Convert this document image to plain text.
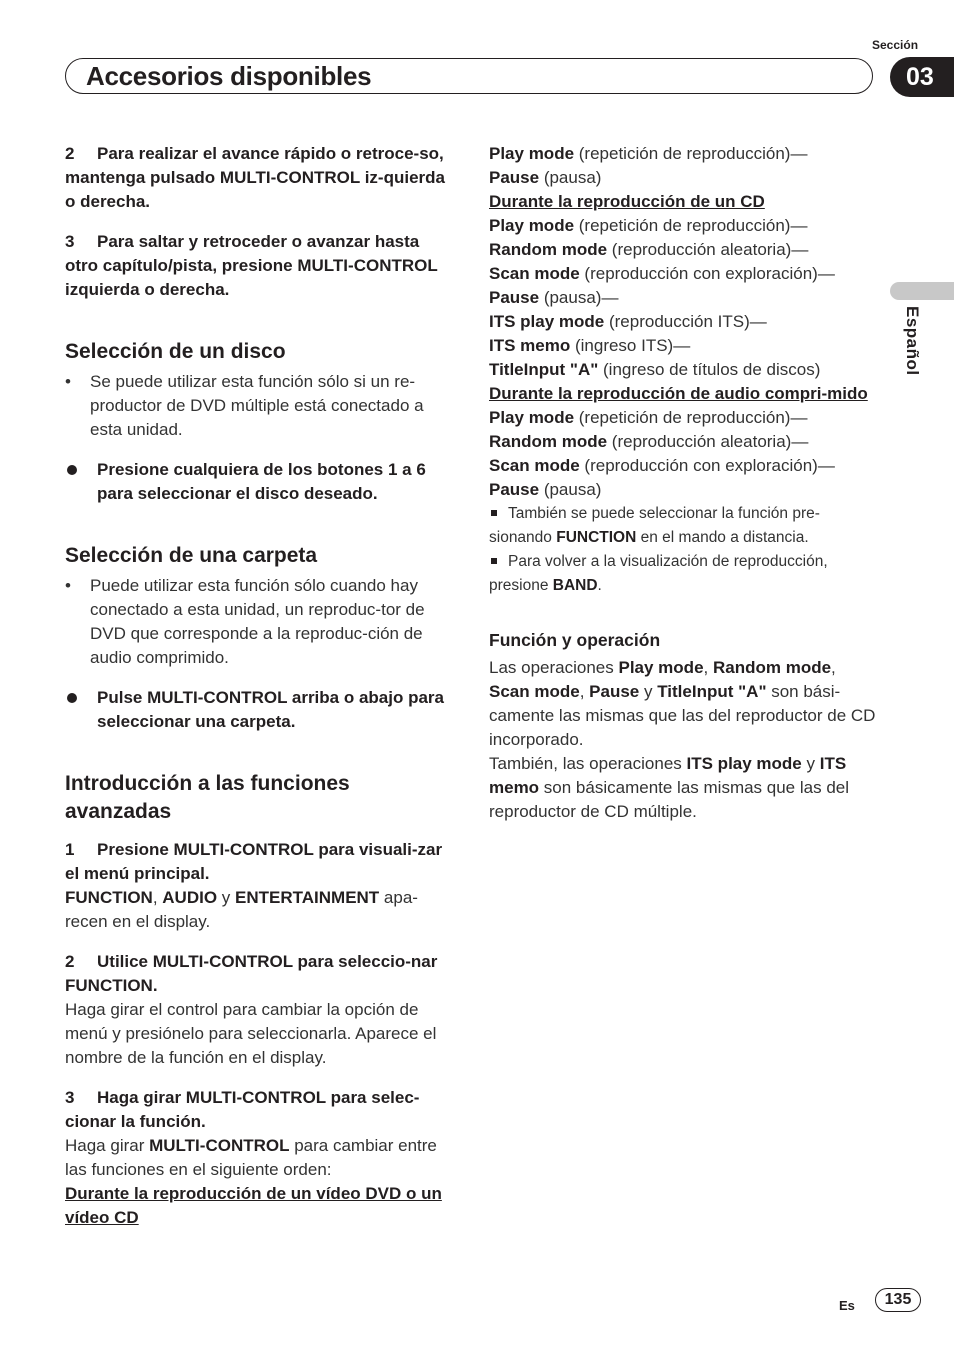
Sección
Accesorios disponibles	03
Español

2 Para realizar el avance rápido o retroce-so, mantenga pulsado MULTI-CONTROL iz-quierda o derecha.

3 Para saltar y retroceder o avanzar hasta otro capítulo/pista, presione MULTI-CONTROL izquierda o derecha.

Selección de un disco

• Se puede utilizar esta función sólo si un re-productor de DVD múltiple está conectado a esta unidad.

Presione cualquiera de los botones 1 a 6 para seleccionar el disco deseado.

Selección de una carpeta

• Puede utilizar esta función sólo cuando hay conectado a esta unidad, un reproduc-tor de DVD que corresponde a la reproduc-ción de audio comprimido.

Pulse MULTI-CONTROL arriba o abajo para seleccionar una carpeta.

Introducción a las funciones avanzadas

1 Presione MULTI-CONTROL para visuali-zar el menú principal.

FUNCTION, AUDIO y ENTERTAINMENT apa-recen en el display.

2 Utilice MULTI-CONTROL para seleccio-nar FUNCTION.

Haga girar el control para cambiar la opción de menú y presiónelo para seleccionarla. Aparece el nombre de la función en el display.

3 Haga girar MULTI-CONTROL para selec-cionar la función.

Haga girar MULTI-CONTROL para cambiar entre las funciones en el siguiente orden:

Durante la reproducción de un vídeo DVD o un vídeo CD

Play mode (repetición de reproducción)—

Pause (pausa)

Durante la reproducción de un CD

Play mode (repetición de reproducción)—

Random mode (reproducción aleatoria)—

Scan mode (reproducción con exploración)—

Pause (pausa)—

ITS play mode (reproducción ITS)—

ITS memo (ingreso ITS)—

TitleInput "A" (ingreso de títulos de discos)

Durante la reproducción de audio compri-mido

Play mode (repetición de reproducción)—

Random mode (reproducción aleatoria)—

Scan mode (reproducción con exploración)—

Pause (pausa)

También se puede seleccionar la función pre-sionando FUNCTION en el mando a distancia.

Para volver a la visualización de reproducción, presione BAND.

Función y operación

Las operaciones Play mode, Random mode, Scan mode, Pause y TitleInput "A" son bási-camente las mismas que las del reproductor de CD incorporado.

También, las operaciones ITS play mode y ITS memo son básicamente las mismas que las del reproductor de CD múltiple.

Es	135
